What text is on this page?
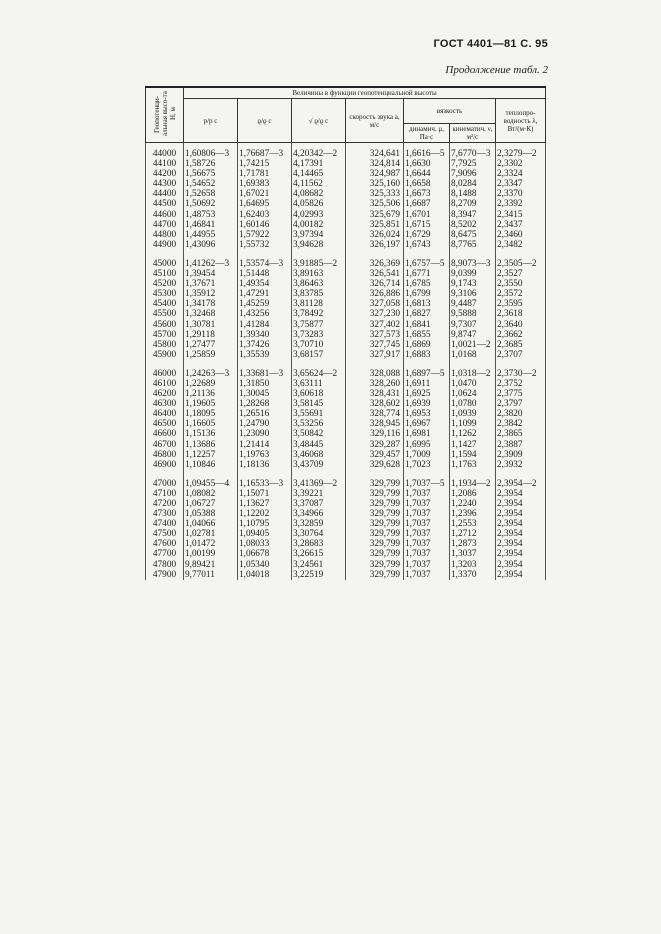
ГОСТ 4401—81 С. 95
Продолжение табл. 2
Геопотенци-альная высо-та H, м	Величины в функции геопотенциальной высоты						
	p/p c	ϱ/ϱ c	√ ϱ/ϱ c	скорость звука a, м/с	вязкость		теплопро-водность λ, Вт/(м·К)
					динамич. μ, Па·с	кинематич. ν, м²/с	
44000	1,60806—3	1,76687—3	4,20342—2	324,641	1,6616—5	7,6770—3	2,3279—2
44100	1,58726	1,74215	4,17391	324,814	1,6630	7,7925	2,3302
44200	1,56675	1,71781	4,14465	324,987	1,6644	7,9096	2,3324
44300	1,54652	1,69383	4,11562	325,160	1,6658	8,0284	2,3347
44400	1,52658	1,67021	4,08682	325,333	1,6673	8,1488	2,3370
44500	1,50692	1,64695	4,05826	325,506	1,6687	8,2709	2,3392
44600	1,48753	1,62403	4,02993	325,679	1,6701	8,3947	2,3415
44700	1,46841	1,60146	4,00182	325,851	1,6715	8,5202	2,3437
44800	1,44955	1,57922	3,97394	326,024	1,6729	8,6475	2,3460
44900	1,43096	1,55732	3,94628	326,197	1,6743	8,7765	2,3482

45000	1,41262—3	1,53574—3	3,91885—2	326,369	1,6757—5	8,9073—3	2,3505—2
45100	1,39454	1,51448	3,89163	326,541	1,6771	9,0399	2,3527
45200	1,37671	1,49354	3,86463	326,714	1,6785	9,1743	2,3550
45300	1,35912	1,47291	3,83785	326,886	1,6799	9,3106	2,3572
45400	1,34178	1,45259	3,81128	327,058	1,6813	9,4487	2,3595
45500	1,32468	1,43256	3,78492	327,230	1,6827	9,5888	2,3618
45600	1,30781	1,41284	3,75877	327,402	1,6841	9,7307	2,3640
45700	1,29118	1,39340	3,73283	327,573	1,6855	9,8747	2,3662
45800	1,27477	1,37426	3,70710	327,745	1,6869	1,0021—2	2,3685
45900	1,25859	1,35539	3,68157	327,917	1,6883	1,0168	2,3707

46000	1,24263—3	1,33681—3	3,65624—2	328,088	1,6897—5	1,0318—2	2,3730—2
46100	1,22689	1,31850	3,63111	328,260	1,6911	1,0470	2,3752
46200	1,21136	1,30045	3,60618	328,431	1,6925	1,0624	2,3775
46300	1,19605	1,28268	3,58145	328,602	1,6939	1,0780	2,3797
46400	1,18095	1,26516	3,55691	328,774	1,6953	1,0939	2,3820
46500	1,16605	1,24790	3,53256	328,945	1,6967	1,1099	2,3842
46600	1,15136	1,23090	3,50842	329,116	1,6981	1,1262	2,3865
46700	1,13686	1,21414	3,48445	329,287	1,6995	1,1427	2,3887
46800	1,12257	1,19763	3,46068	329,457	1,7009	1,1594	2,3909
46900	1,10846	1,18136	3,43709	329,628	1,7023	1,1763	2,3932

47000	1,09455—4	1,16533—3	3,41369—2	329,799	1,7037—5	1,1934—2	2,3954—2
47100	1,08082	1,15071	3,39221	329,799	1,7037	1,2086	2,3954
47200	1,06727	1,13627	3,37087	329,799	1,7037	1,2240	2,3954
47300	1,05388	1,12202	3,34966	329,799	1,7037	1,2396	2,3954
47400	1,04066	1,10795	3,32859	329,799	1,7037	1,2553	2,3954
47500	1,02781	1,09405	3,30764	329,799	1,7037	1,2712	2,3954
47600	1,01472	1,08033	3,28683	329,799	1,7037	1,2873	2,3954
47700	1,00199	1,06678	3,26615	329,799	1,7037	1,3037	2,3954
47800	9,89421	1,05340	3,24561	329,799	1,7037	1,3203	2,3954
47900	9,77011	1,04018	3,22519	329,799	1,7037	1,3370	2,3954
